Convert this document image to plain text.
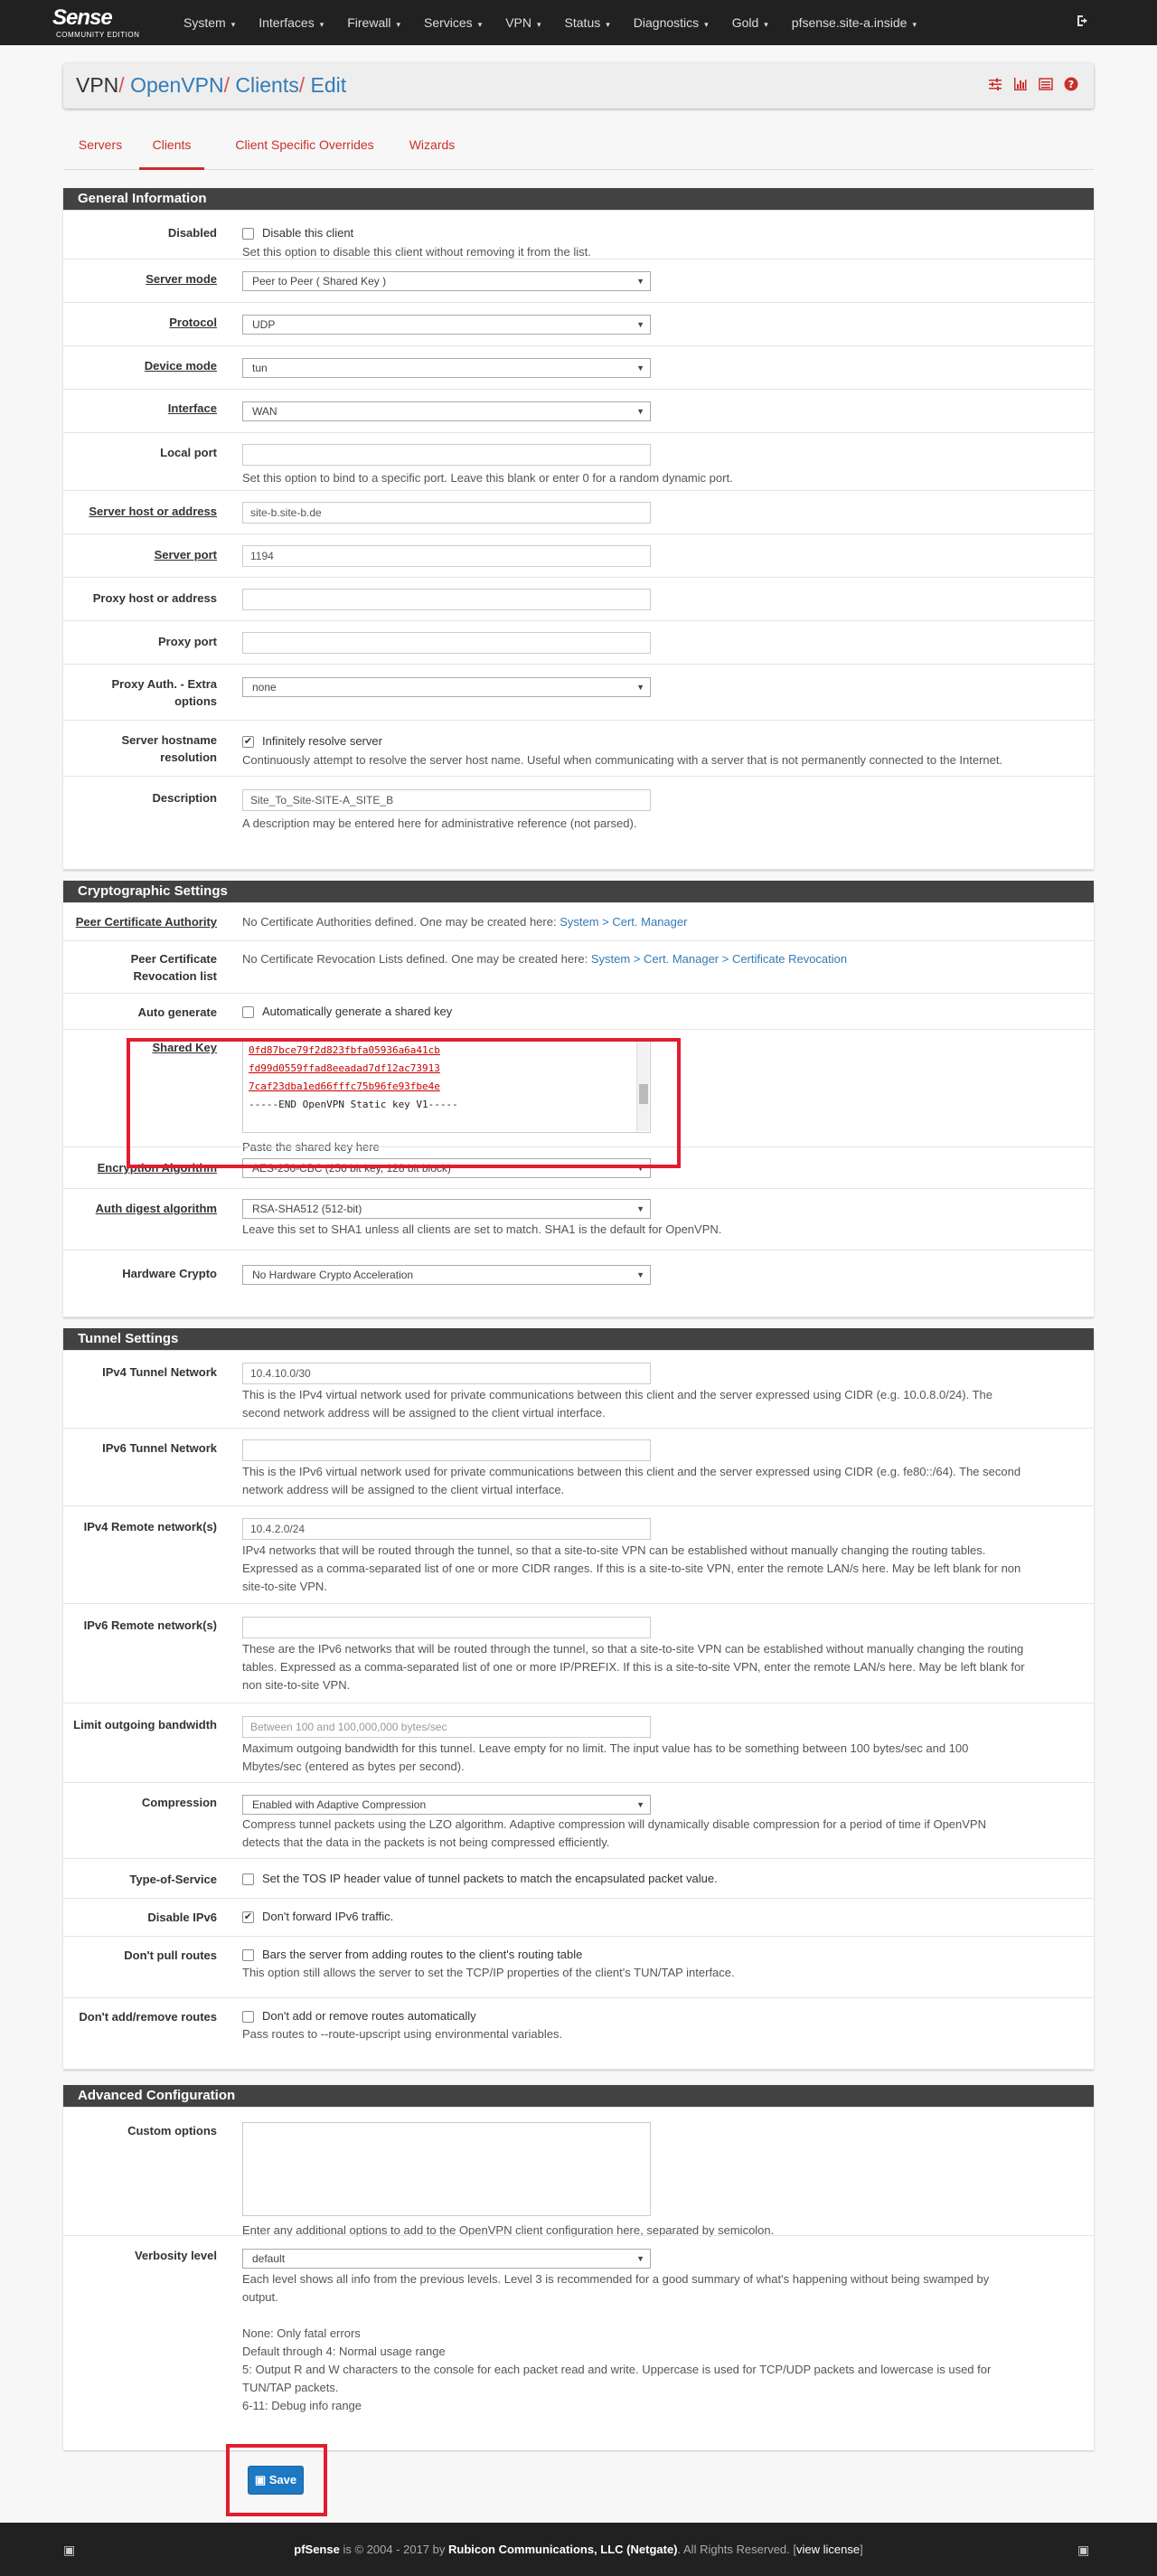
Sense
COMMUNITY EDITION
System ▾	Interfaces ▾	Firewall ▾	Services ▾	VPN ▾	Status ▾	Diagnostics ▾	Gold ▾	pfsense.site-a.inside ▾
VPN/ OpenVPN/ Clients/ Edit	?
Servers	Clients	Client Specific Overrides	Wizards
General Information
Disabled	Disable this client
Set this option to disable this client without removing it from the list.
Server mode	Peer to Peer ( Shared Key )	▼
Protocol	UDP	▼
Device mode	tun	▼
Interface	WAN	▼
Local port
Set this option to bind to a specific port. Leave this blank or enter 0 for a random dynamic port.
Server host or address	site-b.site-b.de
Server port	1194
Proxy host or address
Proxy port
Proxy Auth. - Extra
options
none	▼
Server hostname
resolution
✔ Infinitely resolve server
Continuously attempt to resolve the server host name. Useful when communicating with a server that is not permanently connected to the Internet.
Description	Site_To_Site-SITE-A_SITE_B
A description may be entered here for administrative reference (not parsed).
Cryptographic Settings
Peer Certificate Authority No Certificate Authorities defined. One may be created here: System > Cert. Manager
Peer Certificate
Revocation list
No Certificate Revocation Lists defined. One may be created here: System > Cert. Manager > Certificate Revocation
Auto generate	Automatically generate a shared key
Shared Key	0fd87bce79f2d823fbfa05936a6a41cb
fd99d0559ffad8eeadad7df12ac73913
7caf23dba1ed66fffc75b96fe93fbe4e
-----END OpenVPN Static key V1-----
Paste the shared key here
Encryption Algorithm	AES-256-CBC (256 bit key, 128 bit block)	▼
Auth digest algorithm	RSA-SHA512 (512-bit)	▼
Leave this set to SHA1 unless all clients are set to match. SHA1 is the default for OpenVPN.
Hardware Crypto	No Hardware Crypto Acceleration	▼
Tunnel Settings
IPv4 Tunnel Network	10.4.10.0/30
This is the IPv4 virtual network used for private communications between this client and the server expressed using CIDR (e.g. 10.0.8.0/24). The
second network address will be assigned to the client virtual interface.
IPv6 Tunnel Network
This is the IPv6 virtual network used for private communications between this client and the server expressed using CIDR (e.g. fe80::/64). The second
network address will be assigned to the client virtual interface.
IPv4 Remote network(s)	10.4.2.0/24
IPv4 networks that will be routed through the tunnel, so that a site-to-site VPN can be established without manually changing the routing tables.
Expressed as a comma-separated list of one or more CIDR ranges. If this is a site-to-site VPN, enter the remote LAN/s here. May be left blank for non
site-to-site VPN.
IPv6 Remote network(s)
These are the IPv6 networks that will be routed through the tunnel, so that a site-to-site VPN can be established without manually changing the routing
tables. Expressed as a comma-separated list of one or more IP/PREFIX. If this is a site-to-site VPN, enter the remote LAN/s here. May be left blank for
non site-to-site VPN.
Limit outgoing bandwidth	Between 100 and 100,000,000 bytes/sec
Maximum outgoing bandwidth for this tunnel. Leave empty for no limit. The input value has to be something between 100 bytes/sec and 100
Mbytes/sec (entered as bytes per second).
Compression	Enabled with Adaptive Compression	▼
Compress tunnel packets using the LZO algorithm. Adaptive compression will dynamically disable compression for a period of time if OpenVPN
detects that the data in the packets is not being compressed efficiently.
Type-of-Service	Set the TOS IP header value of tunnel packets to match the encapsulated packet value.
Disable IPv6	✔ Don't forward IPv6 traffic.
Don't pull routes	Bars the server from adding routes to the client's routing table
This option still allows the server to set the TCP/IP properties of the client's TUN/TAP interface.
Don't add/remove routes	Don't add or remove routes automatically
Pass routes to --route-upscript using environmental variables.
Advanced Configuration
Custom options
Enter any additional options to add to the OpenVPN client configuration here, separated by semicolon.
Verbosity level	default	▼
Each level shows all info from the previous levels. Level 3 is recommended for a good summary of what's happening without being swamped by
output.

None: Only fatal errors
Default through 4: Normal usage range
5: Output R and W characters to the console for each packet read and write. Uppercase is used for TCP/UDP packets and lowercase is used for
TUN/TAP packets.
6-11: Debug info range
▣ Save
▣	pfSense is © 2004 - 2017 by Rubicon Communications, LLC (Netgate). All Rights Reserved. [view license]	▣
